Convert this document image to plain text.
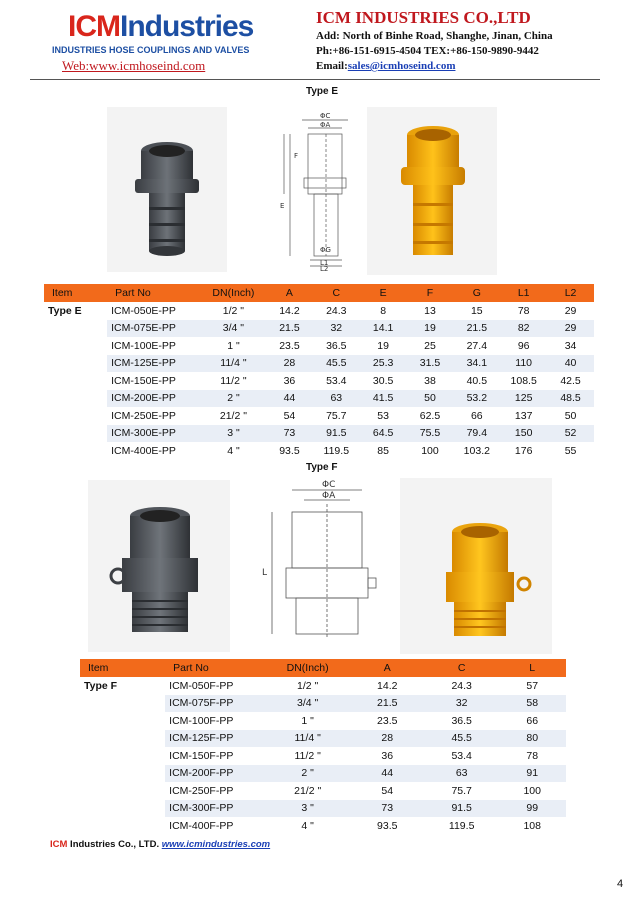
ICMIndustries
INDUSTRIES HOSE COUPLINGS AND VALVES
Web:www.icmhoseind.com
ICM INDUSTRIES CO.,LTD
Add: North of Binhe Road, Shanghe, Jinan, China
Ph:+86-151-6915-4504 TEX:+86-150-9890-9442
Email:sales@icmhoseind.com
Type E
ΦC
ΦA
F
E
ΦG
L1
L2
Item	Part No	DN(Inch)	A	C	E	F	G	L1	L2
Type E	ICM-050E-PP	1/2 "	14.2	24.3	8	13	15	78	29
	ICM-075E-PP	3/4 "	21.5	32	14.1	19	21.5	82	29
	ICM-100E-PP	1 "	23.5	36.5	19	25	27.4	96	34
	ICM-125E-PP	11/4 "	28	45.5	25.3	31.5	34.1	110	40
	ICM-150E-PP	11/2 "	36	53.4	30.5	38	40.5	108.5	42.5
	ICM-200E-PP	2 "	44	63	41.5	50	53.2	125	48.5
	ICM-250E-PP	21/2 "	54	75.7	53	62.5	66	137	50
	ICM-300E-PP	3 "	73	91.5	64.5	75.5	79.4	150	52
	ICM-400E-PP	4 "	93.5	119.5	85	100	103.2	176	55
Type F
ΦC
ΦA
L
Item	Part No	DN(Inch)	A	C	L
Type F	ICM-050F-PP	1/2 "	14.2	24.3	57
	ICM-075F-PP	3/4 "	21.5	32	58
	ICM-100F-PP	1 "	23.5	36.5	66
	ICM-125F-PP	11/4 "	28	45.5	80
	ICM-150F-PP	11/2 "	36	53.4	78
	ICM-200F-PP	2 "	44	63	91
	ICM-250F-PP	21/2 "	54	75.7	100
	ICM-300F-PP	3 "	73	91.5	99
	ICM-400F-PP	4 "	93.5	119.5	108
ICM Industries Co., LTD. www.icmindustries.com
4
